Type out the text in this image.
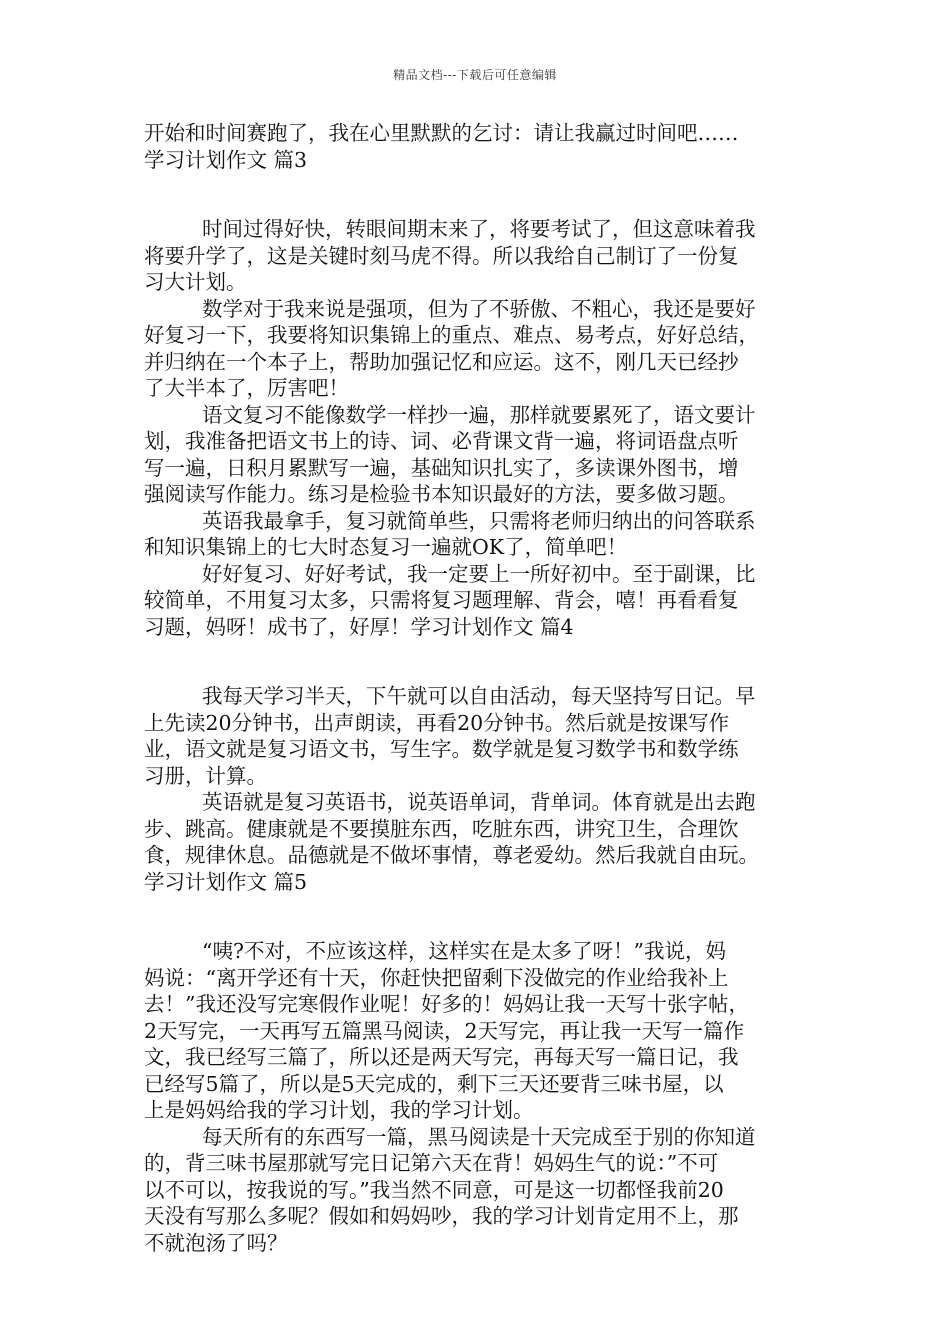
精品文档---下载后可任意编辑
开始和时间赛跑了，我在心里默默的乞讨：请让我赢过时间吧……
学习计划作文 篇3
时间过得好快，转眼间期末来了，将要考试了，但这意味着我
将要升学了，这是关键时刻马虎不得。所以我给自己制订了一份复
习大计划。
数学对于我来说是强项，但为了不骄傲、不粗心，我还是要好
好复习一下，我要将知识集锦上的重点、难点、易考点，好好总结，
并归纳在一个本子上，帮助加强记忆和应运。这不，刚几天已经抄
了大半本了，厉害吧！
语文复习不能像数学一样抄一遍，那样就要累死了，语文要计
划，我准备把语文书上的诗、词、必背课文背一遍，将词语盘点听
写一遍，日积月累默写一遍，基础知识扎实了，多读课外图书，增
强阅读写作能力。练习是检验书本知识最好的方法，要多做习题。
英语我最拿手，复习就简单些，只需将老师归纳出的问答联系
和知识集锦上的七大时态复习一遍就OK了，简单吧！
好好复习、好好考试，我一定要上一所好初中。至于副课，比
较简单，不用复习太多，只需将复习题理解、背会，嘻！再看看复
习题，妈呀！成书了，好厚！学习计划作文 篇4
我每天学习半天，下午就可以自由活动，每天坚持写日记。早
上先读20分钟书，出声朗读，再看20分钟书。然后就是按课写作
业，语文就是复习语文书，写生字。数学就是复习数学书和数学练
习册，计算。
英语就是复习英语书，说英语单词，背单词。体育就是出去跑
步、跳高。健康就是不要摸脏东西，吃脏东西，讲究卫生，合理饮
食，规律休息。品德就是不做坏事情，尊老爱幼。然后我就自由玩。
学习计划作文 篇5
“咦?不对，不应该这样，这样实在是太多了呀！”我说，妈
妈说：“离开学还有十天，你赶快把留剩下没做完的作业给我补上
去！”我还没写完寒假作业呢！好多的！妈妈让我一天写十张字帖，
2天写完，一天再写五篇黑马阅读，2天写完，再让我一天写一篇作
文，我已经写三篇了，所以还是两天写完，再每天写一篇日记，我
已经写5篇了，所以是5天完成的，剩下三天还要背三味书屋，以
上是妈妈给我的学习计划，我的学习计划。
每天所有的东西写一篇，黑马阅读是十天完成至于别的你知道
的，背三味书屋那就写完日记第六天在背！妈妈生气的说：”不可
以不可以，按我说的写。”我当然不同意，可是这一切都怪我前20
天没有写那么多呢？假如和妈妈吵，我的学习计划肯定用不上，那
不就泡汤了吗？
